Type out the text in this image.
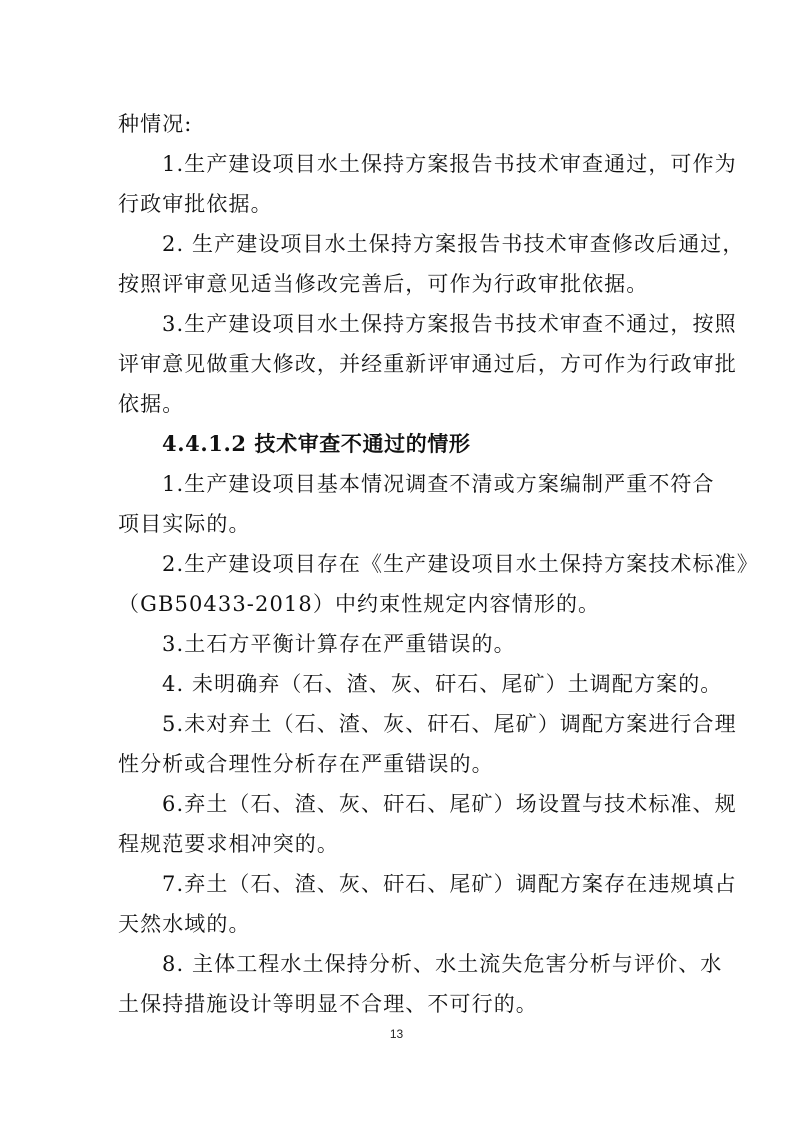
种情况:
1.生产建设项目水土保持方案报告书技术审查通过，可作为
行政审批依据。
2. 生产建设项目水土保持方案报告书技术审查修改后通过，
按照评审意见适当修改完善后，可作为行政审批依据。
3.生产建设项目水土保持方案报告书技术审查不通过，按照
评审意见做重大修改，并经重新评审通过后，方可作为行政审批
依据。
4.4.1.2 技术审查不通过的情形
1.生产建设项目基本情况调查不清或方案编制严重不符合
项目实际的。
2.生产建设项目存在《生产建设项目水土保持方案技术标准》
（GB50433-2018）中约束性规定内容情形的。
3.土石方平衡计算存在严重错误的。
4. 未明确弃（石、渣、灰、矸石、尾矿）土调配方案的。
5.未对弃土（石、渣、灰、矸石、尾矿）调配方案进行合理
性分析或合理性分析存在严重错误的。
6.弃土（石、渣、灰、矸石、尾矿）场设置与技术标准、规
程规范要求相冲突的。
7.弃土（石、渣、灰、矸石、尾矿）调配方案存在违规填占
天然水域的。
8. 主体工程水土保持分析、水土流失危害分析与评价、水
土保持措施设计等明显不合理、不可行的。
13
